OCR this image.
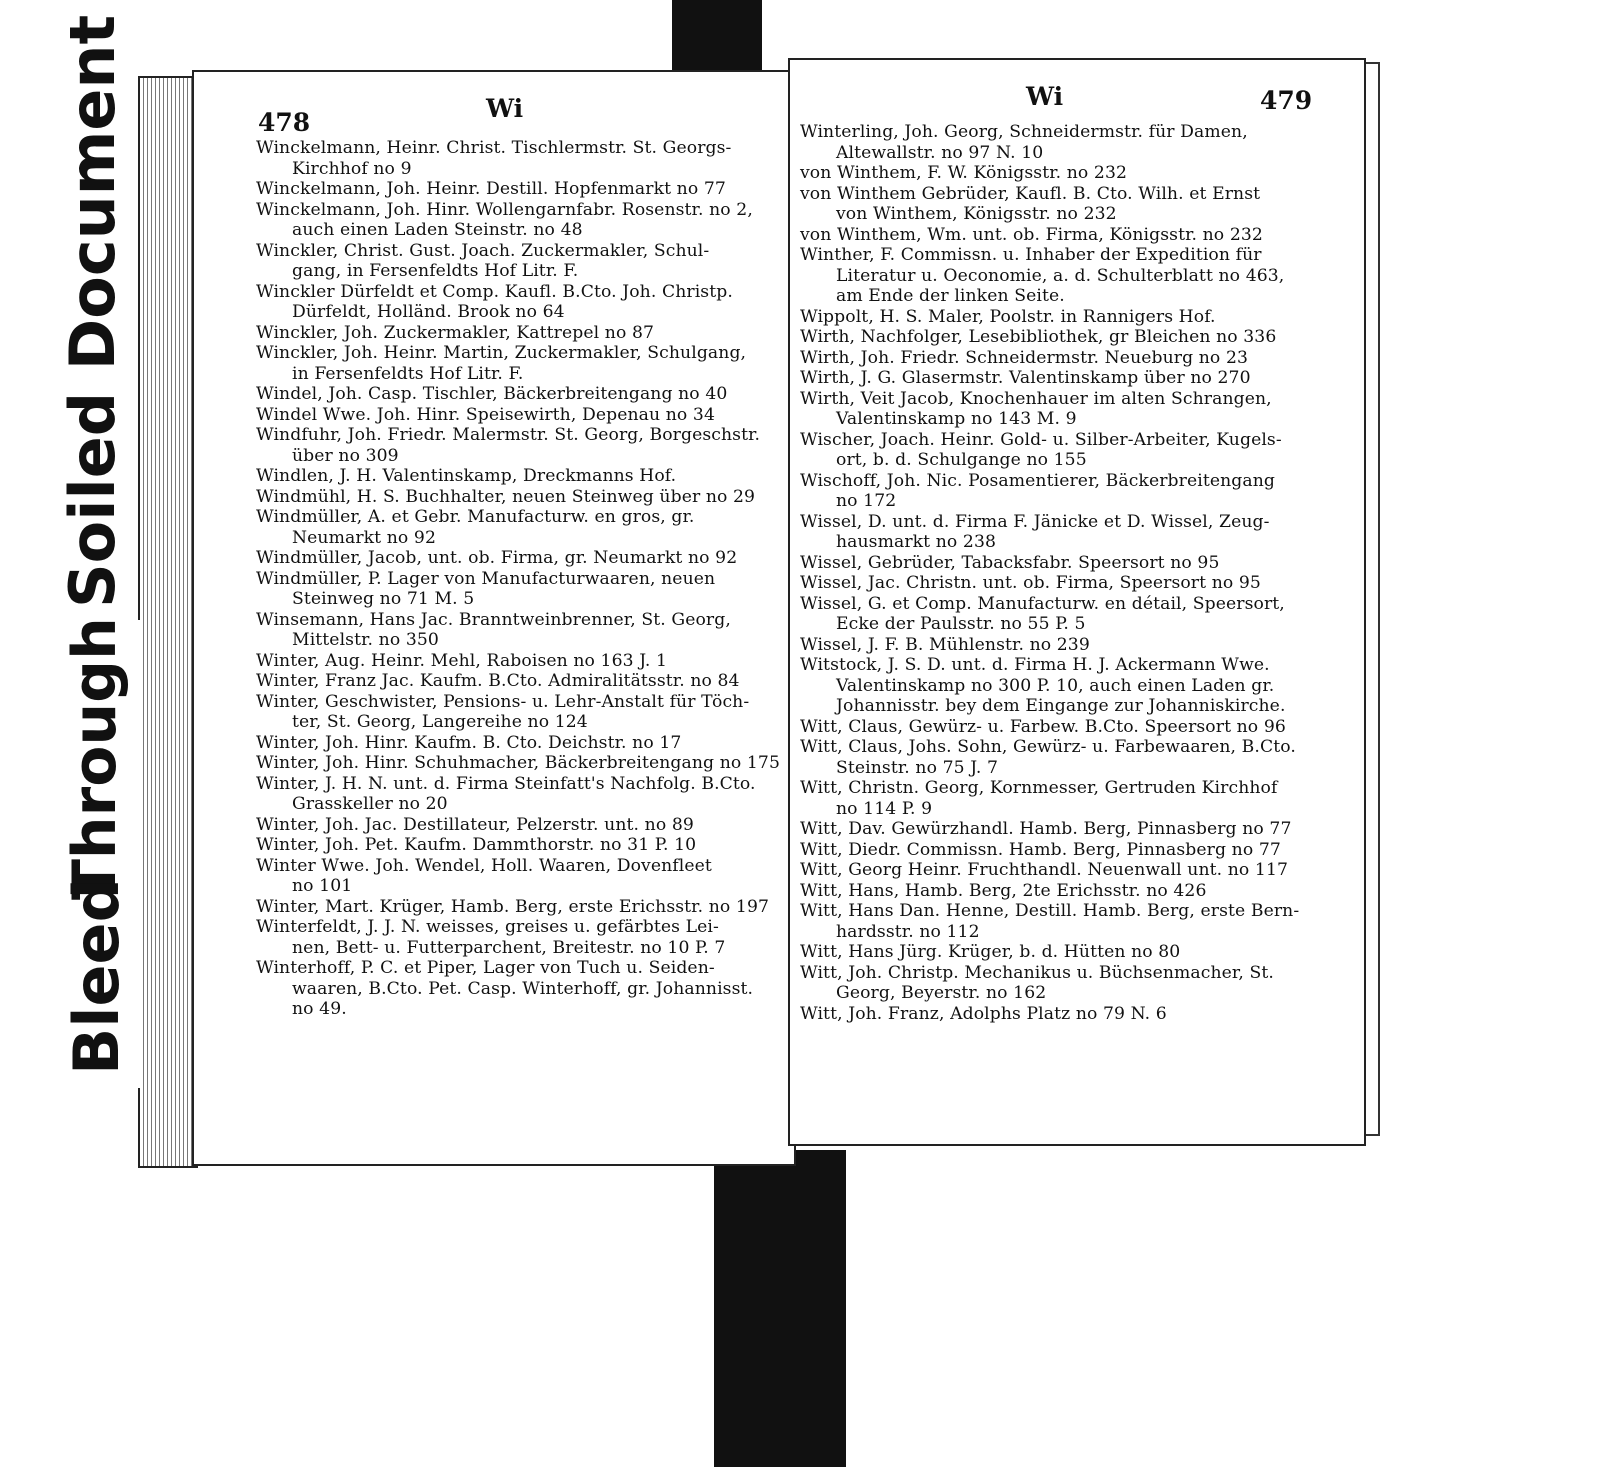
Soiled Document
Through
Bleed
478	Wi
Winckelmann, Heinr. Christ. Tischlermstr. St. Georgs-
Kirchhof no 9
Winckelmann, Joh. Heinr. Destill. Hopfenmarkt no 77
Winckelmann, Joh. Hinr. Wollengarnfabr. Rosenstr. no 2,
auch einen Laden Steinstr. no 48
Winckler, Christ. Gust. Joach. Zuckermakler, Schul-
gang, in Fersenfeldts Hof Litr. F.
Winckler Dürfeldt et Comp. Kaufl. B.Cto. Joh. Christp.
Dürfeldt, Holländ. Brook no 64
Winckler, Joh. Zuckermakler, Kattrepel no 87
Winckler, Joh. Heinr. Martin, Zuckermakler, Schulgang,
in Fersenfeldts Hof Litr. F.
Windel, Joh. Casp. Tischler, Bäckerbreitengang no 40
Windel Wwe. Joh. Hinr. Speisewirth, Depenau no 34
Windfuhr, Joh. Friedr. Malermstr. St. Georg, Borgeschstr.
über no 309
Windlen, J. H. Valentinskamp, Dreckmanns Hof.
Windmühl, H. S. Buchhalter, neuen Steinweg über no 29
Windmüller, A. et Gebr. Manufacturw. en gros, gr.
Neumarkt no 92
Windmüller, Jacob, unt. ob. Firma, gr. Neumarkt no 92
Windmüller, P. Lager von Manufacturwaaren, neuen
Steinweg no 71 M. 5
Winsemann, Hans Jac. Branntweinbrenner, St. Georg,
Mittelstr. no 350
Winter, Aug. Heinr. Mehl, Raboisen no 163 J. 1
Winter, Franz Jac. Kaufm. B.Cto. Admiralitätsstr. no 84
Winter, Geschwister, Pensions- u. Lehr-Anstalt für Töch-
ter, St. Georg, Langereihe no 124
Winter, Joh. Hinr. Kaufm. B. Cto. Deichstr. no 17
Winter, Joh. Hinr. Schuhmacher, Bäckerbreitengang no 175
Winter, J. H. N. unt. d. Firma Steinfatt's Nachfolg. B.Cto.
Grasskeller no 20
Winter, Joh. Jac. Destillateur, Pelzerstr. unt. no 89
Winter, Joh. Pet. Kaufm. Dammthorstr. no 31 P. 10
Winter Wwe. Joh. Wendel, Holl. Waaren, Dovenfleet
no 101
Winter, Mart. Krüger, Hamb. Berg, erste Erichsstr. no 197
Winterfeldt, J. J. N. weisses, greises u. gefärbtes Lei-
nen, Bett- u. Futterparchent, Breitestr. no 10 P. 7
Winterhoff, P. C. et Piper, Lager von Tuch u. Seiden-
waaren, B.Cto. Pet. Casp. Winterhoff, gr. Johannisst.
no 49.
Wi	479
Winterling, Joh. Georg, Schneidermstr. für Damen,
Altewallstr. no 97 N. 10
von Winthem, F. W. Königsstr. no 232
von Winthem Gebrüder, Kaufl. B. Cto. Wilh. et Ernst
von Winthem, Königsstr. no 232
von Winthem, Wm. unt. ob. Firma, Königsstr. no 232
Winther, F. Commissn. u. Inhaber der Expedition für
Literatur u. Oeconomie, a. d. Schulterblatt no 463,
am Ende der linken Seite.
Wippolt, H. S. Maler, Poolstr. in Rannigers Hof.
Wirth, Nachfolger, Lesebibliothek, gr Bleichen no 336
Wirth, Joh. Friedr. Schneidermstr. Neueburg no 23
Wirth, J. G. Glasermstr. Valentinskamp über no 270
Wirth, Veit Jacob, Knochenhauer im alten Schrangen,
Valentinskamp no 143 M. 9
Wischer, Joach. Heinr. Gold- u. Silber-Arbeiter, Kugels-
ort, b. d. Schulgange no 155
Wischoff, Joh. Nic. Posamentierer, Bäckerbreitengang
no 172
Wissel, D. unt. d. Firma F. Jänicke et D. Wissel, Zeug-
hausmarkt no 238
Wissel, Gebrüder, Tabacksfabr. Speersort no 95
Wissel, Jac. Christn. unt. ob. Firma, Speersort no 95
Wissel, G. et Comp. Manufacturw. en détail, Speersort,
Ecke der Paulsstr. no 55 P. 5
Wissel, J. F. B. Mühlenstr. no 239
Witstock, J. S. D. unt. d. Firma H. J. Ackermann Wwe.
Valentinskamp no 300 P. 10, auch einen Laden gr.
Johannisstr. bey dem Eingange zur Johanniskirche.
Witt, Claus, Gewürz- u. Farbew. B.Cto. Speersort no 96
Witt, Claus, Johs. Sohn, Gewürz- u. Farbewaaren, B.Cto.
Steinstr. no 75 J. 7
Witt, Christn. Georg, Kornmesser, Gertruden Kirchhof
no 114 P. 9
Witt, Dav. Gewürzhandl. Hamb. Berg, Pinnasberg no 77
Witt, Diedr. Commissn. Hamb. Berg, Pinnasberg no 77
Witt, Georg Heinr. Fruchthandl. Neuenwall unt. no 117
Witt, Hans, Hamb. Berg, 2te Erichsstr. no 426
Witt, Hans Dan. Henne, Destill. Hamb. Berg, erste Bern-
hardsstr. no 112
Witt, Hans Jürg. Krüger, b. d. Hütten no 80
Witt, Joh. Christp. Mechanikus u. Büchsenmacher, St.
Georg, Beyerstr. no 162
Witt, Joh. Franz, Adolphs Platz no 79 N. 6
